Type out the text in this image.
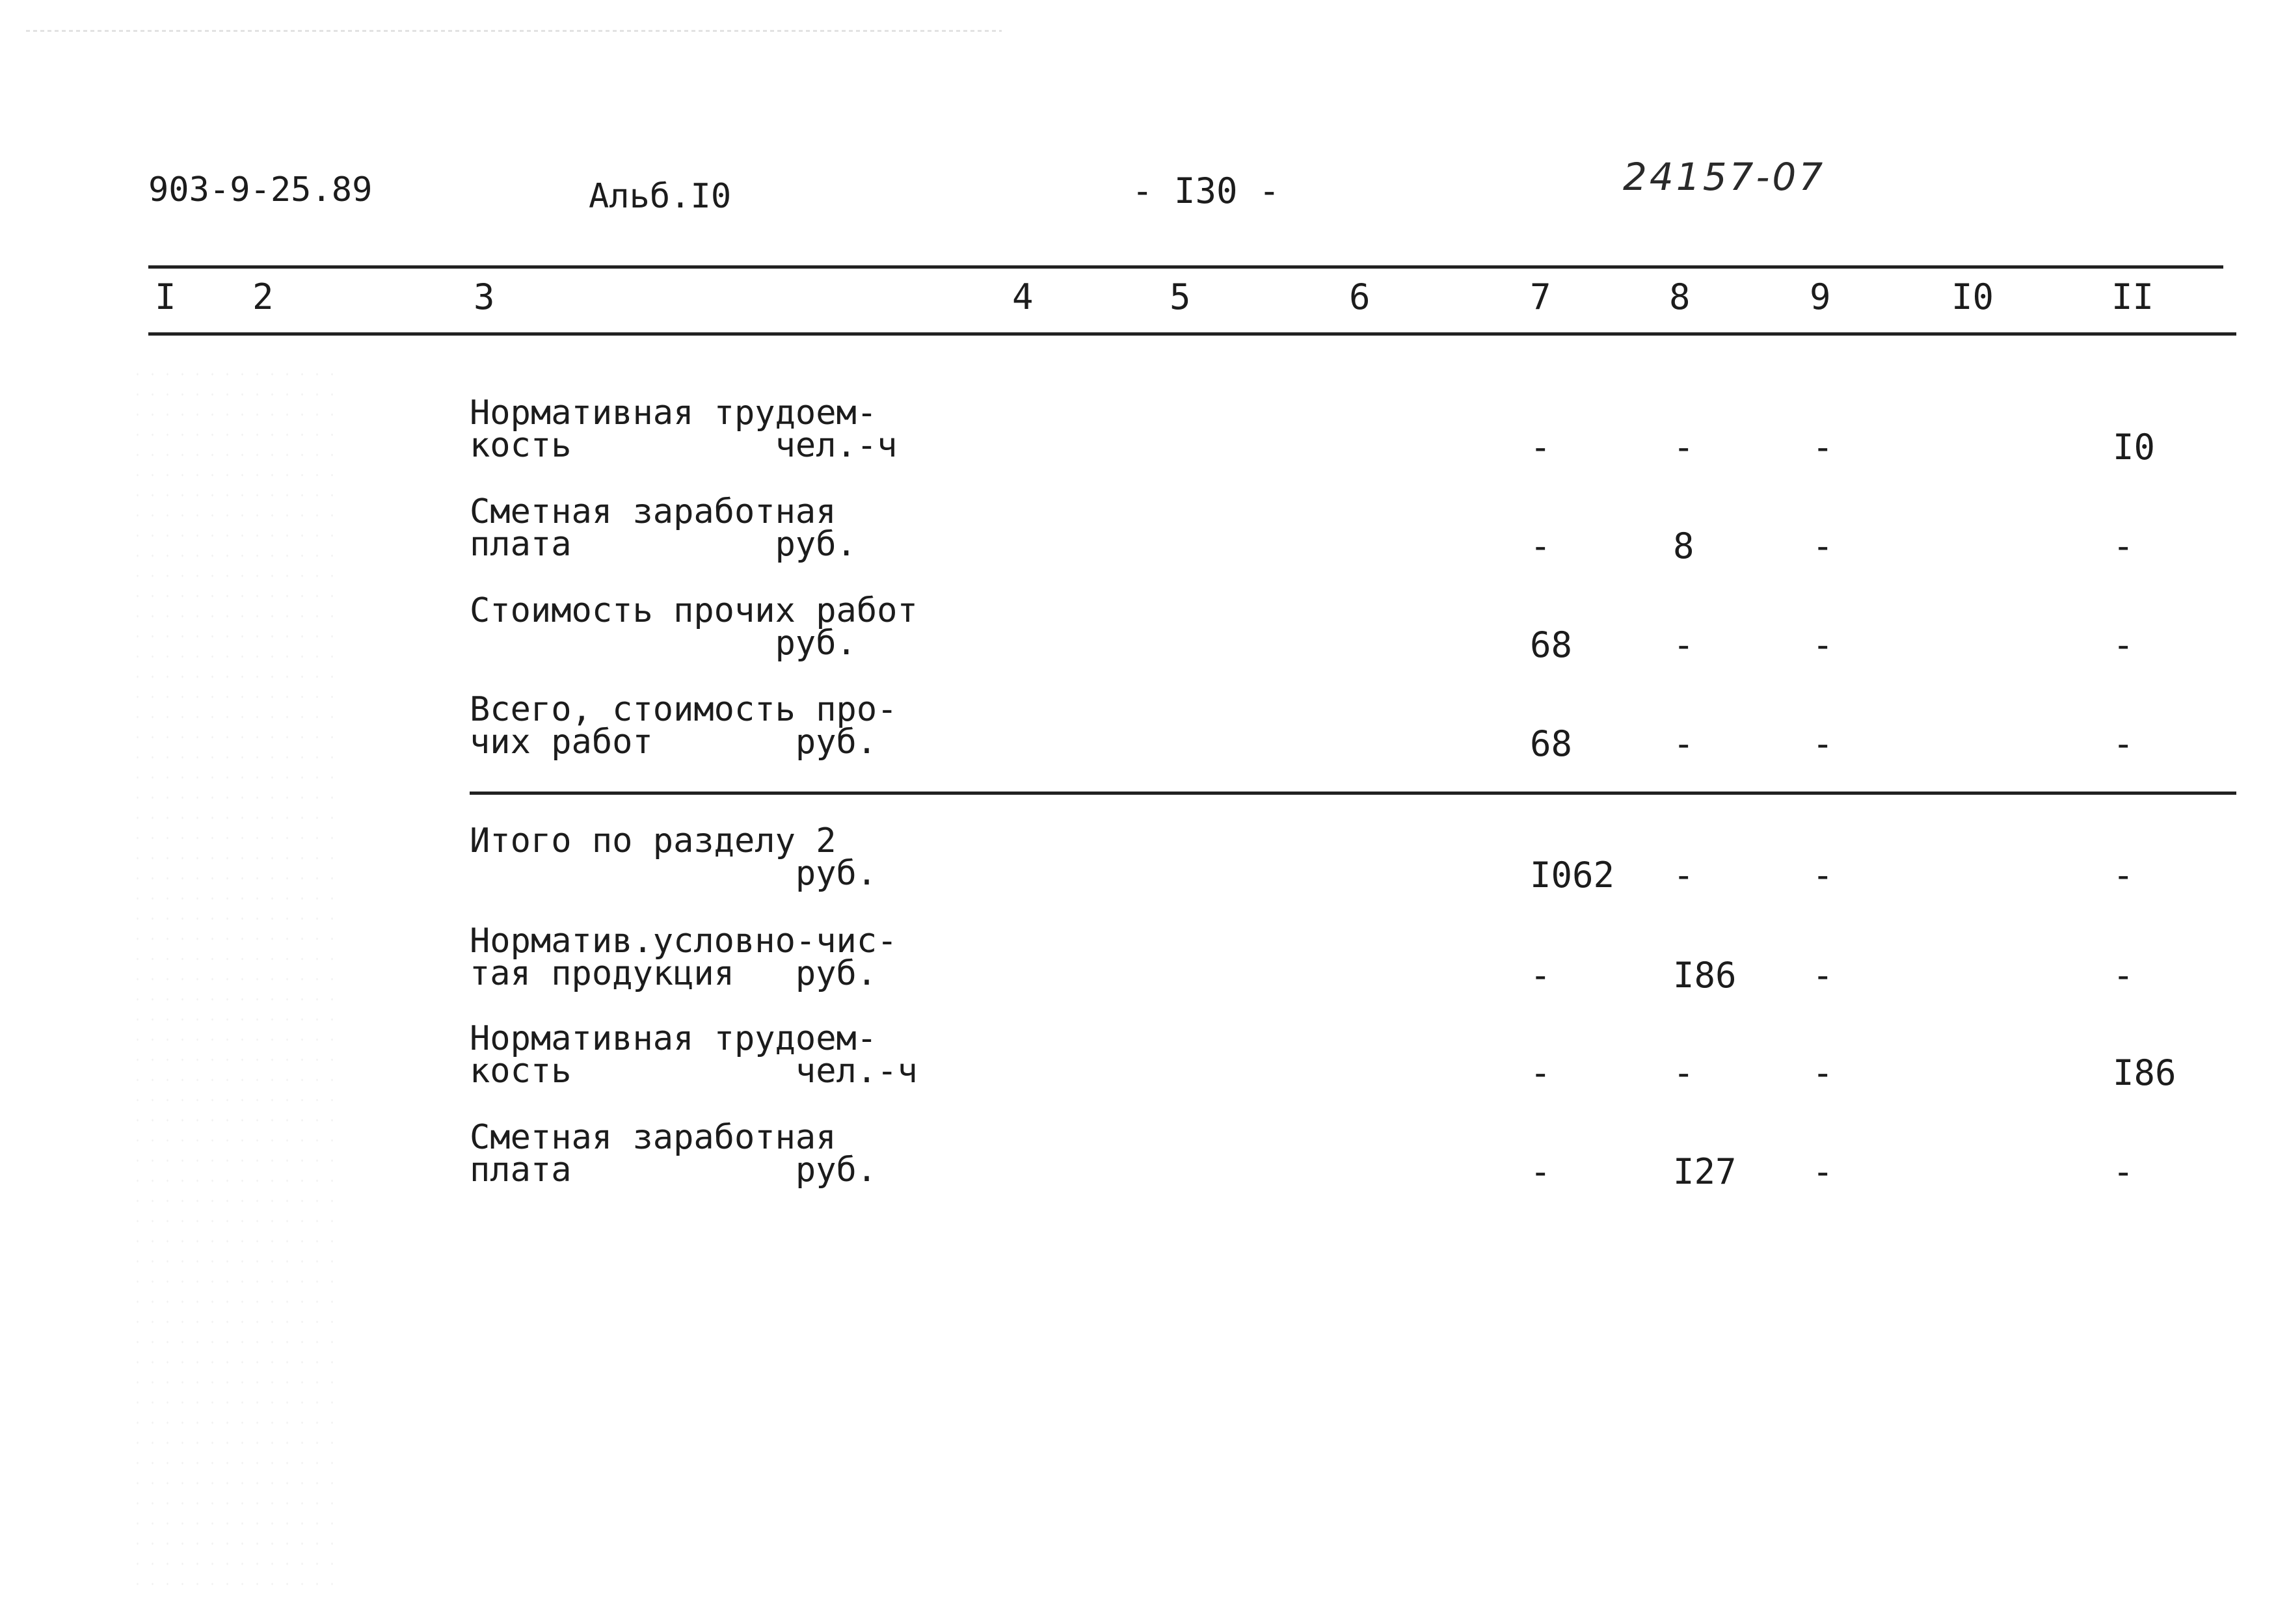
903-9-25.89	Альб.I0	- I30 -	24157-07
I 2	3	4	5	6	7	8	9	I0	II
Нормативная трудоем-
кость          чел.-ч	-	-	-	I0
Сметная заработная
плата          руб.	-	8	-	-
Стоимость прочих работ
руб.	68	-	-	-
Всего, стоимость про-
чих работ       руб.	68	-	-	-
Итого по разделу 2
руб.	I062 -	-	-
Норматив.условно-чис-
тая продукция   руб.	-	I86 -	-
Нормативная трудоем-
кость           чел.-ч	-	-	-	I86
Сметная заработная
плата           руб.	-	I27 -	-
